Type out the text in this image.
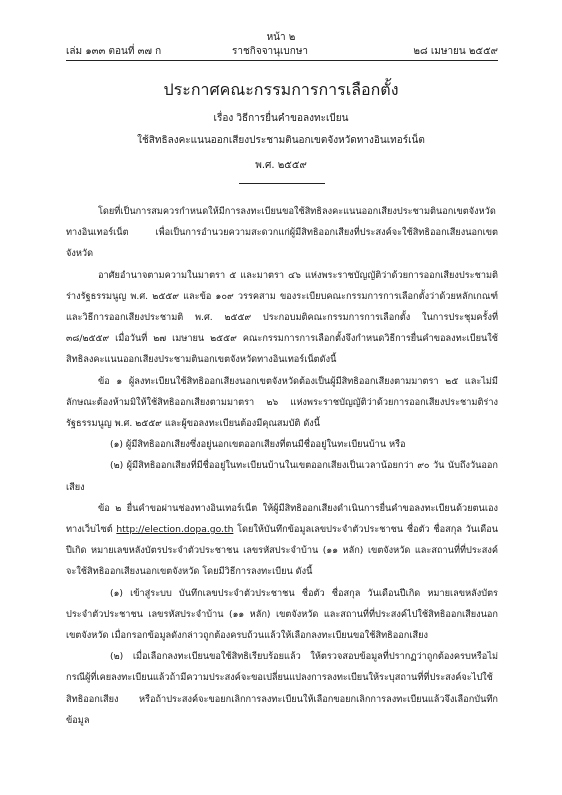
หน้า ๒
เล่ม ๑๓๓ ตอนที่ ๓๗ ก	ราชกิจจานุเบกษา	๒๘ เมษายน ๒๕๕๙
ประกาศคณะกรรมการการเลือกตั้ง
เรื่อง วิธีการยื่นคำขอลงทะเบียน
ใช้สิทธิลงคะแนนออกเสียงประชามตินอกเขตจังหวัดทางอินเทอร์เน็ต
พ.ศ. ๒๕๕๙

โดยที่เป็นการสมควรกำหนดให้มีการลงทะเบียนขอใช้สิทธิลงคะแนนออกเสียงประชามตินอกเขตจังหวัดทางอินเทอร์เน็ต เพื่อเป็นการอำนวยความสะดวกแก่ผู้มีสิทธิออกเสียงที่ประสงค์จะใช้สิทธิออกเสียงนอกเขตจังหวัด

อาศัยอำนาจตามความในมาตรา ๕ และมาตรา ๔๖ แห่งพระราชบัญญัติว่าด้วยการออกเสียงประชามติร่างรัฐธรรมนูญ พ.ศ. ๒๕๕๙ และข้อ ๑๐๙ วรรคสาม ของระเบียบคณะกรรมการการเลือกตั้งว่าด้วยหลักเกณฑ์และวิธีการออกเสียงประชามติ พ.ศ. ๒๕๕๙ ประกอบมติคณะกรรมการการเลือกตั้ง ในการประชุมครั้งที่ ๓๘/๒๕๕๙ เมื่อวันที่ ๒๗ เมษายน ๒๕๕๙ คณะกรรมการการเลือกตั้งจึงกำหนดวิธีการยื่นคำขอลงทะเบียนใช้สิทธิลงคะแนนออกเสียงประชามตินอกเขตจังหวัดทางอินเทอร์เน็ตดังนี้

ข้อ ๑ ผู้ลงทะเบียนใช้สิทธิออกเสียงนอกเขตจังหวัดต้องเป็นผู้มีสิทธิออกเสียงตามมาตรา ๒๕ และไม่มีลักษณะต้องห้ามมิให้ใช้สิทธิออกเสียงตามมาตรา ๒๖ แห่งพระราชบัญญัติว่าด้วยการออกเสียงประชามติร่างรัฐธรรมนูญ พ.ศ. ๒๕๕๙ และผู้ขอลงทะเบียนต้องมีคุณสมบัติ ดังนี้

(๑) ผู้มีสิทธิออกเสียงซึ่งอยู่นอกเขตออกเสียงที่ตนมีชื่ออยู่ในทะเบียนบ้าน หรือ

(๒) ผู้มีสิทธิออกเสียงที่มีชื่ออยู่ในทะเบียนบ้านในเขตออกเสียงเป็นเวลาน้อยกว่า ๙๐ วัน นับถึงวันออกเสียง

ข้อ ๒ ยื่นคำขอผ่านช่องทางอินเทอร์เน็ต ให้ผู้มีสิทธิออกเสียงดำเนินการยื่นคำขอลงทะเบียนด้วยตนเองทางเว็บไซต์ http://election.dopa.go.th โดยให้บันทึกข้อมูลเลขประจำตัวประชาชน ชื่อตัว ชื่อสกุล วันเดือนปีเกิด หมายเลขหลังบัตรประจำตัวประชาชน เลขรหัสประจำบ้าน (๑๑ หลัก) เขตจังหวัด และสถานที่ที่ประสงค์จะใช้สิทธิออกเสียงนอกเขตจังหวัด โดยมีวิธีการลงทะเบียน ดังนี้

(๑) เข้าสู่ระบบ บันทึกเลขประจำตัวประชาชน ชื่อตัว ชื่อสกุล วันเดือนปีเกิด หมายเลขหลังบัตรประจำตัวประชาชน เลขรหัสประจำบ้าน (๑๑ หลัก) เขตจังหวัด และสถานที่ที่ประสงค์ไปใช้สิทธิออกเสียงนอกเขตจังหวัด เมื่อกรอกข้อมูลดังกล่าวถูกต้องครบถ้วนแล้วให้เลือกลงทะเบียนขอใช้สิทธิออกเสียง

(๒) เมื่อเลือกลงทะเบียนขอใช้สิทธิเรียบร้อยแล้ว ให้ตรวจสอบข้อมูลที่ปรากฏว่าถูกต้องครบหรือไม่ กรณีผู้ที่เคยลงทะเบียนแล้วถ้ามีความประสงค์จะขอเปลี่ยนแปลงการลงทะเบียนให้ระบุสถานที่ที่ประสงค์จะไปใช้สิทธิออกเสียง หรือถ้าประสงค์จะขอยกเลิกการลงทะเบียนให้เลือกขอยกเลิกการลงทะเบียนแล้วจึงเลือกบันทึกข้อมูล
